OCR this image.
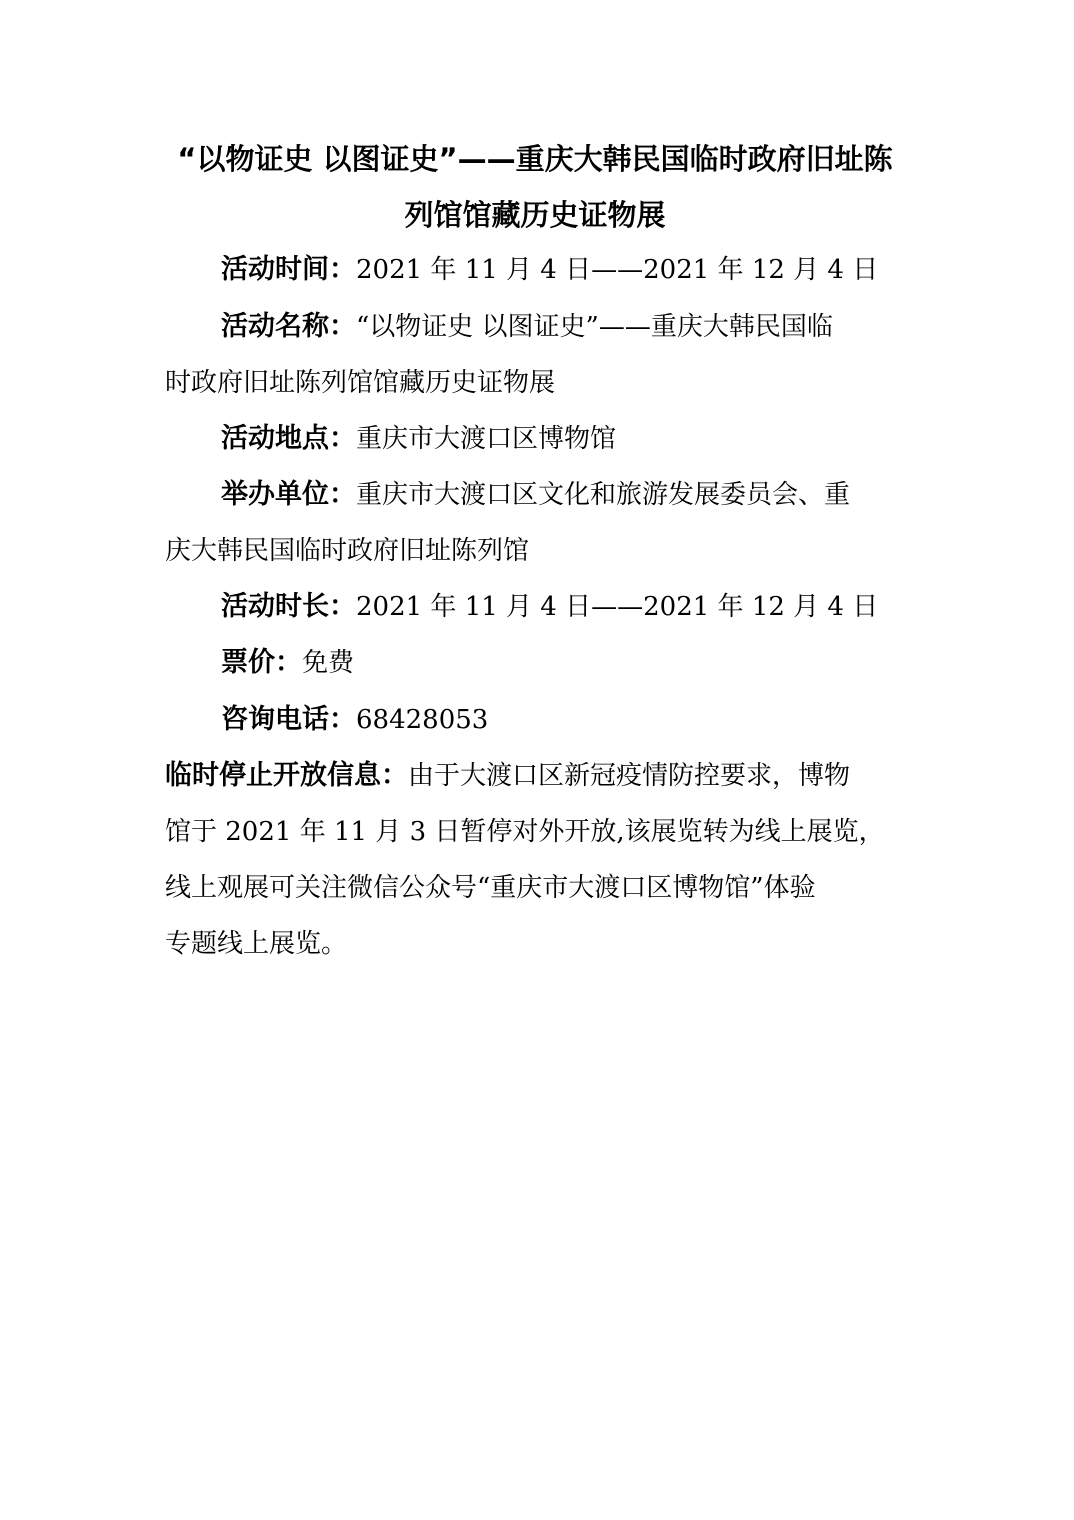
“以物证史 以图证史”——重庆大韩民国临时政府旧址陈
列馆馆藏历史证物展
活动时间：2021 年 11 月 4 日——2021 年 12 月 4 日
活动名称：“以物证史 以图证史”——重庆大韩民国临
时政府旧址陈列馆馆藏历史证物展
活动地点：重庆市大渡口区博物馆
举办单位：重庆市大渡口区文化和旅游发展委员会、重
庆大韩民国临时政府旧址陈列馆
活动时长：2021 年 11 月 4 日——2021 年 12 月 4 日
票价：免费
咨询电话：68428053
临时停止开放信息：由于大渡口区新冠疫情防控要求，博物
馆于 2021 年 11 月 3 日暂停对外开放,该展览转为线上展览，
线上观展可关注微信公众号“重庆市大渡口区博物馆”体验
专题线上展览。
